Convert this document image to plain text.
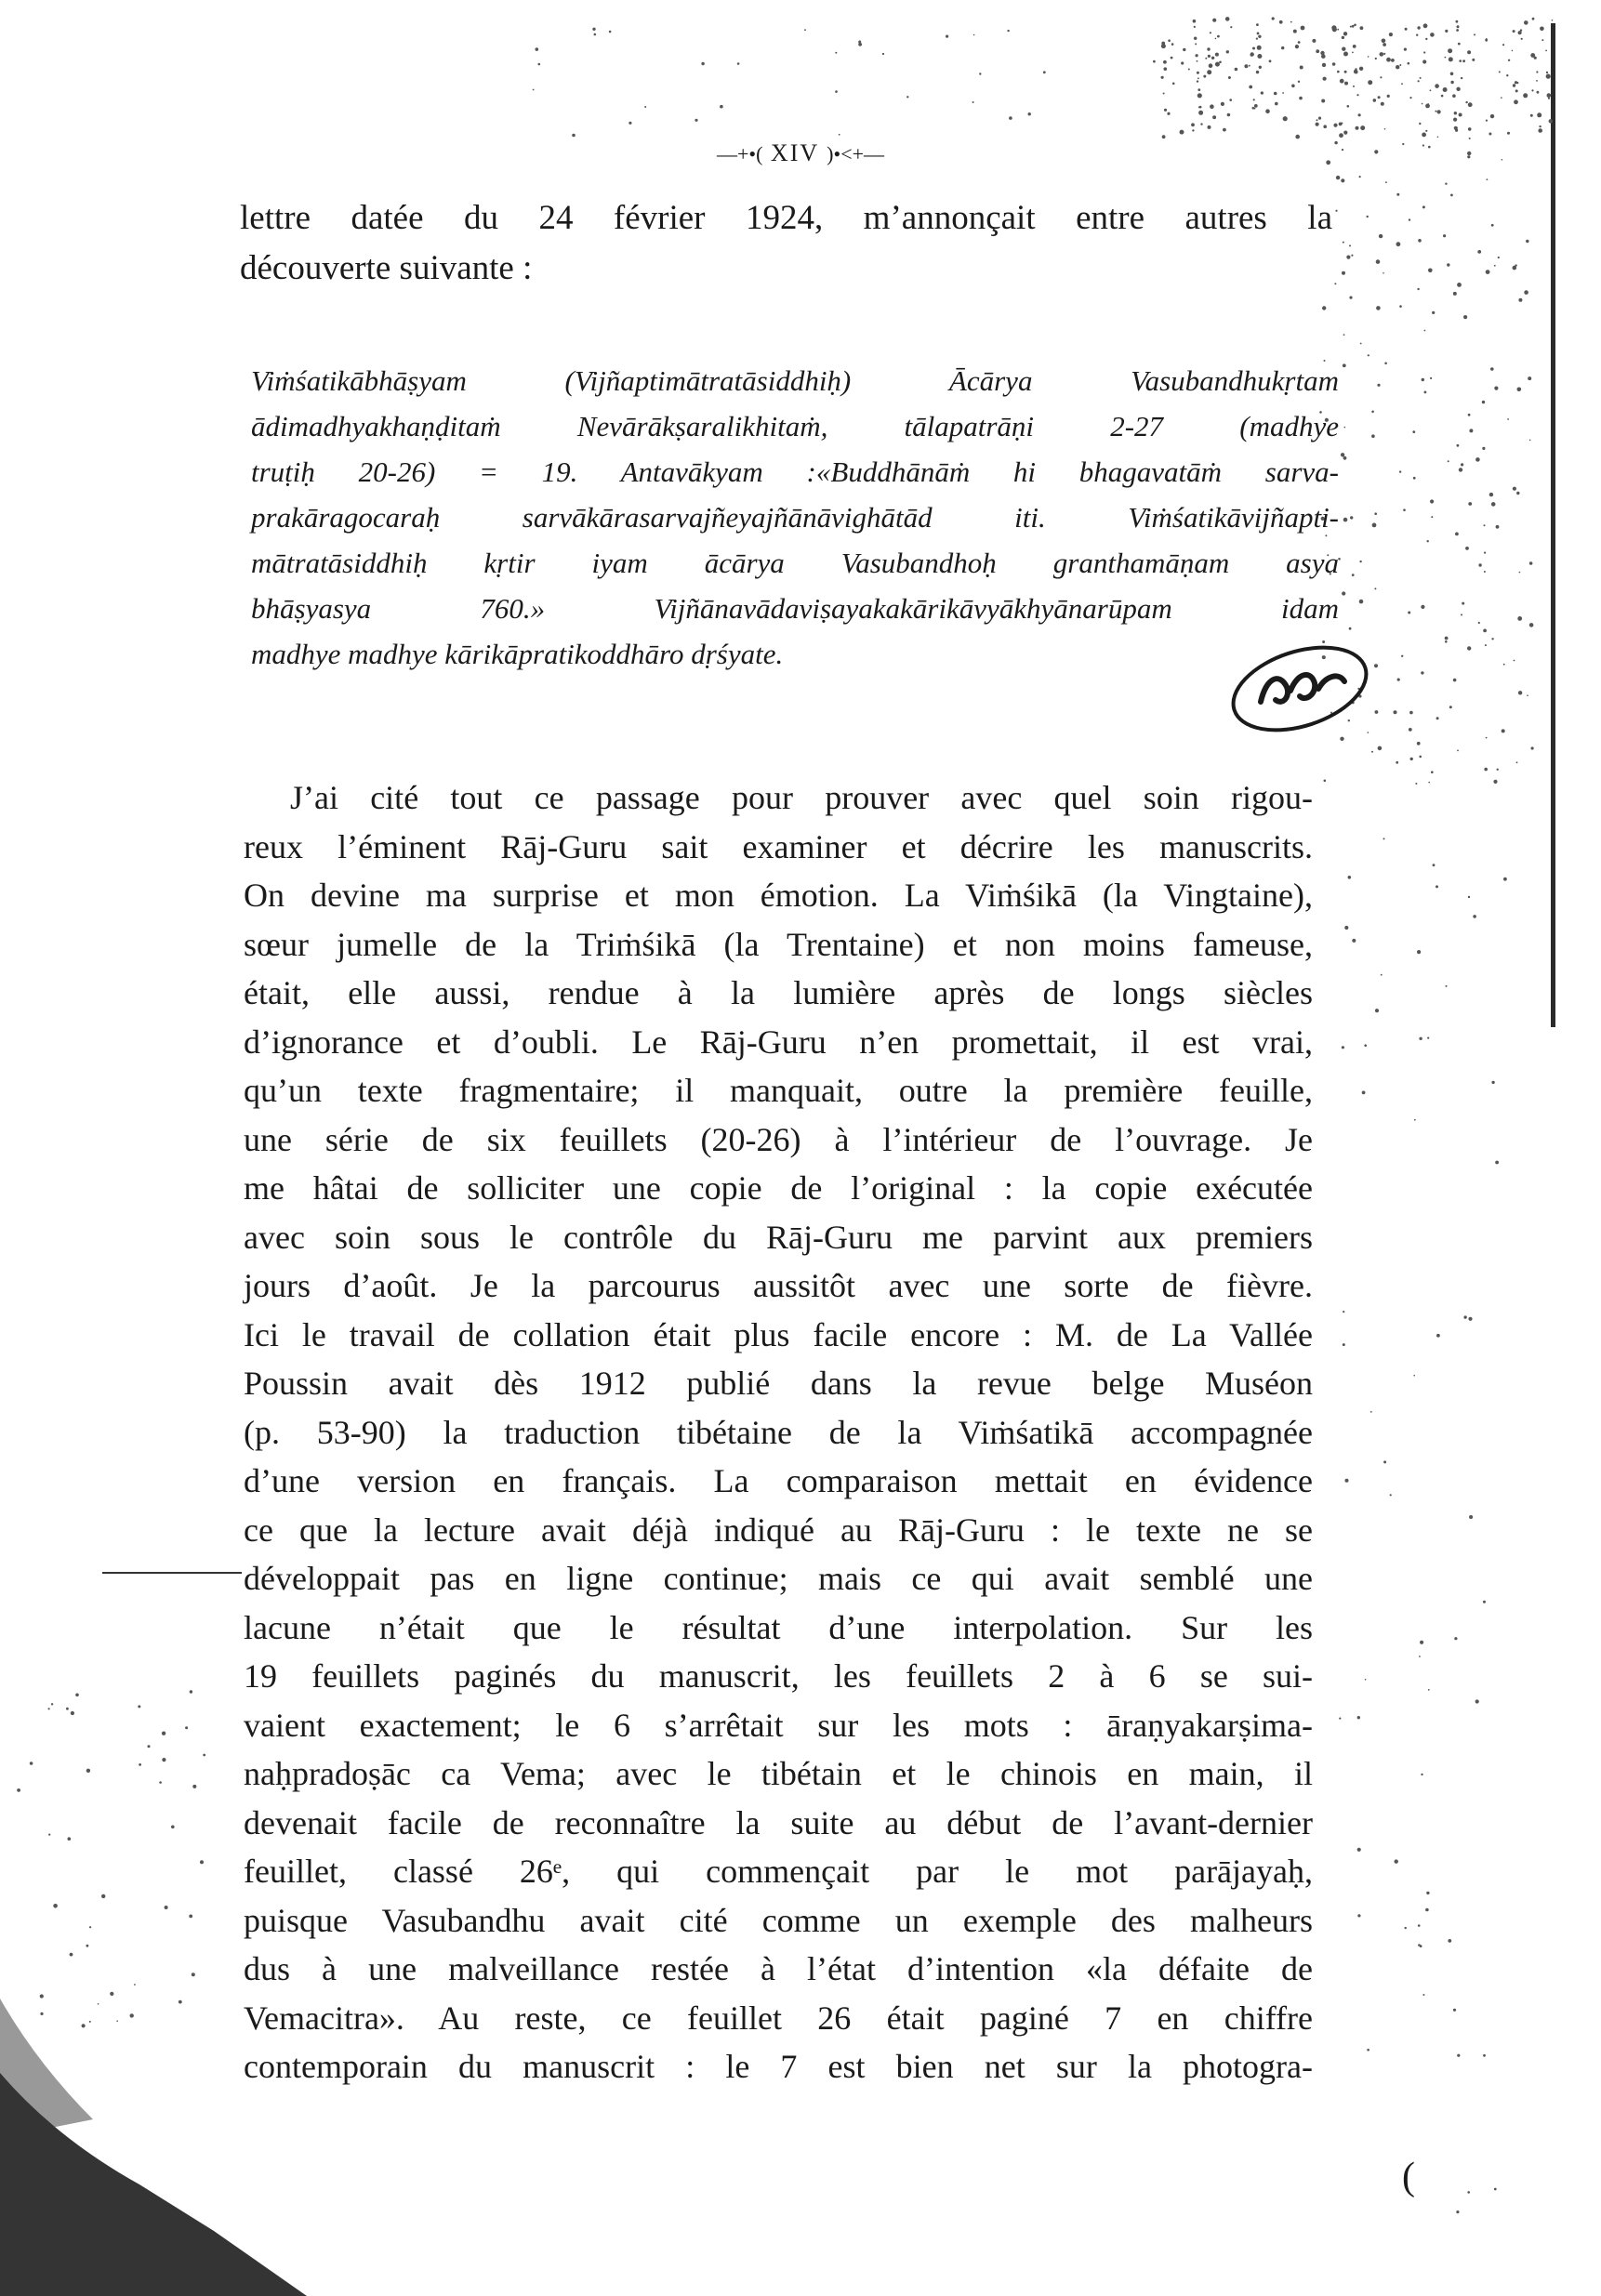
—+•( XIV )•<+—
lettre datée du 24 février 1924, m’annonçait entre autres la
découverte suivante :
Viṁśatikābhāṣyam (Vijñaptimātratāsiddhiḥ) Ācārya Vasubandhukṛtam
ādimadhyakhaṇḍitaṁ Nevārākṣaralikhitaṁ, tālapatrāṇi 2-27 (madhye
truṭiḥ 20-26) = 19. Antavākyam :«Buddhānāṁ hi bhagavatāṁ sarva-
prakāragocaraḥ sarvākārasarvajñeyajñānāvighātād iti. Viṁśatikāvijñapti-
mātratāsiddhiḥ kṛtir iyam ācārya Vasubandhoḥ granthamāṇam asya
bhāṣyasya 760.» Vijñānavādaviṣayakakārikāvyākhyānarūpam idam
madhye madhye kārikāpratikoddhāro dṛśyate.
J’ai cité tout ce passage pour prouver avec quel soin rigou-
reux l’éminent Rāj-Guru sait examiner et décrire les manuscrits.
On devine ma surprise et mon émotion. La Viṁśikā (la Vingtaine),
sœur jumelle de la Triṁśikā (la Trentaine) et non moins fameuse,
était, elle aussi, rendue à la lumière après de longs siècles
d’ignorance et d’oubli. Le Rāj-Guru n’en promettait, il est vrai,
qu’un texte fragmentaire; il manquait, outre la première feuille,
une série de six feuillets (20-26) à l’intérieur de l’ouvrage. Je
me hâtai de solliciter une copie de l’original : la copie exécutée
avec soin sous le contrôle du Rāj-Guru me parvint aux premiers
jours d’août. Je la parcourus aussitôt avec une sorte de fièvre.
Ici le travail de collation était plus facile encore : M. de La Vallée
Poussin avait dès 1912 publié dans la revue belge Muséon
(p. 53-90) la traduction tibétaine de la Viṁśatikā accompagnée
d’une version en français. La comparaison mettait en évidence
ce que la lecture avait déjà indiqué au Rāj-Guru : le texte ne se
développait pas en ligne continue; mais ce qui avait semblé une
lacune n’était que le résultat d’une interpolation. Sur les
19 feuillets paginés du manuscrit, les feuillets 2 à 6 se sui-
vaient exactement; le 6 s’arrêtait sur les mots : āraṇyakarṣima-
naḥpradoṣāc ca Vema; avec le tibétain et le chinois en main, il
devenait facile de reconnaître la suite au début de l’avant-dernier
feuillet, classé 26ᵉ, qui commençait par le mot parājayaḥ,
puisque Vasubandhu avait cité comme un exemple des malheurs
dus à une malveillance restée à l’état d’intention «la défaite de
Vemacitra». Au reste, ce feuillet 26 était paginé 7 en chiffre
contemporain du manuscrit : le 7 est bien net sur la photogra-
(
